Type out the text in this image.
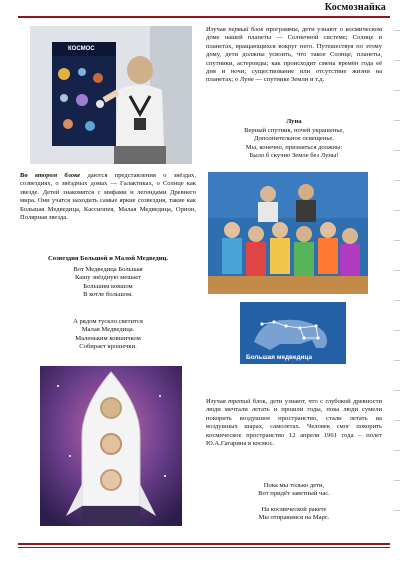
Космознайка
КОСМОС
Во втором блоке даются представления о звёздах, созвездиях, о звёздных домах — Галактиках, о Солнце как звезде. Детей знакомятся с мифами и легендами Древнего мира. Они учатся находить самые яркие созвездия, такие как Большая Медведица, Кассиопея, Малая Медведица, Орион, Полярная звезда.
Созвездия Большой и Малой Медведиц.
Вот Медведица Большая
Кашу звёздную мешает
Большим ковшом
В котле большом.
А рядом тускло светится
Малая Медведица.
Маленьким ковшичком
Собирает крошечки.
Изучая первый блок программы, дети узнают о космическом доме нашей планеты — Солнечной системе; Солнце и планетах, вращающихся вокруг него. Путешествуя по этому дому, дети должны усвоить, что такое Солнце, планеты, спутники, астероиды; как происходит смена времён года её дня и ночи; существование или отсутствие жизни на планетах; о Луне — спутнике Земли и т.д.
Луна
Верный спутник, ночей украшенье,
Дополнительное освещенье.
Мы, конечно, признаться должны:
Было б скучно Земле без Луны!
Большая медведица
Изучая третий блок, дети узнают, что с глубокой древности люди мечтали летать и прошли годы, пока люди сумели покорить воздушное пространство, стали летать на воздушных шарах, самолетах. Человек смог покорить космическое пространство 12 апреля 1961 года – полет Ю.А.Гагарина в космос.
Пока мы только дети,
Вот придёт заветный час.
На космической ракете
Мы отправимся на Марс.
